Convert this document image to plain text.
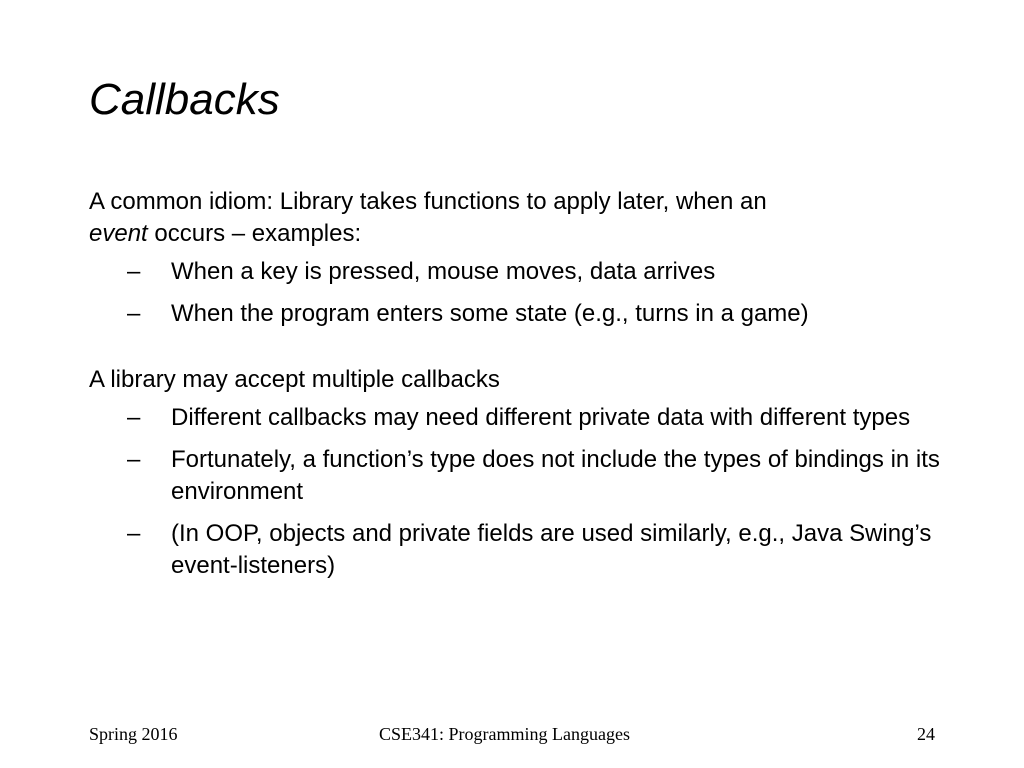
Callbacks

A common idiom: Library takes functions to apply later, when an
event occurs – examples:

– When a key is pressed, mouse moves, data arrives
– When the program enters some state (e.g., turns in a game)

A library may accept multiple callbacks

– Different callbacks may need different private data with different types
– Fortunately, a function’s type does not include the types of bindings in its environment
– (In OOP, objects and private fields are used similarly, e.g., Java Swing’s event-listeners)
Spring 2016	CSE341: Programming Languages	24
